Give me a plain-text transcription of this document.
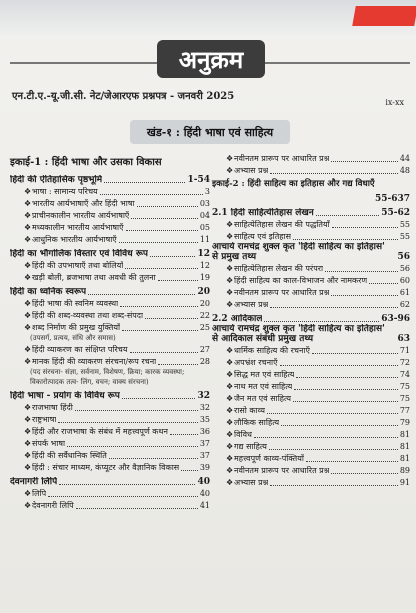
अनुक्रम
एन.टी.ए.-यू.जी.सी. नेट/जेआरएफ प्रश्नपत्र - जनवरी 2025
ix-xx
खंड-१ : हिंदी भाषा एवं साहित्य
इकाई-1 : हिंदी भाषा और उसका विकास
हिंदी की ऐतिहासिक पृष्ठभूमि	1-54
❖ भाषा : सामान्य परिचय	3
❖ भारतीय आर्यभाषाएँ और हिंदी भाषा	03
❖ प्राचीनकालीन भारतीय आर्यभाषाएँ	04
❖ मध्यकालीन भारतीय आर्यभाषाएँ	05
❖ आधुनिक भारतीय आर्यभाषाएँ	11
हिंदी का भौगोलिक विस्तार एवं विविध रूप	12
❖ हिंदी की उपभाषाएँ तथा बोलियाँ	12
❖ खड़ी बोली, ब्रजभाषा तथा अवधी की तुलना	19
हिंदी का ध्वनिक स्वरूप	20
❖ हिंदी भाषा की स्वनिम व्यवस्था	20
❖ हिंदी की शब्द-व्यवस्था तथा शब्द-संपदा	22
❖ शब्द निर्माण की प्रमुख युक्तियाँ	25
(उपसर्ग, प्रत्यय, संधि और समास)
❖ हिंदी व्याकरण का संक्षिप्त परिचय	27
❖ मानक हिंदी की व्याकरण संरचना/रूप रचना	28
(पद संरचना- संज्ञा, सर्वनाम, विशेषण, क्रिया; कारक व्यवस्था; विकारोत्पादक तत्व- लिंग, वचन; वाक्य संरचना)
हिंदी भाषा - प्रयोग के विविध रूप	32
❖ राजभाषा हिंदी	32
❖ राष्ट्रभाषा	35
❖ हिंदी और राजभाषा के संबंध में महत्त्वपूर्ण कथन	36
❖ संपर्क भाषा	37
❖ हिंदी की सर्वैधानिक स्थिति	37
❖ हिंदी : संचार माध्यम, कंप्यूटर और वैज्ञानिक विकास	39
देवनागरी लिपि	40
❖ लिपि	40
❖ देवनागरी लिपि	41
❖ नवीनतम प्रारूप पर आधारित प्रश्न	44
❖ अभ्यास प्रश्न	48
इकाई-2 : हिंदी साहित्य का इतिहास और गद्य विधाएँ
55-637
2.1 हिंदी साहित्येतिहास लेखन	55-62
❖ साहित्येतिहास लेखन की पद्धतियाँ	55
❖ साहित्य एवं इतिहास	55
आचार्य रामचंद्र शुक्ल कृत 'हिंदी साहित्य का इतिहास' से प्रमुख तथ्य	56
❖ साहित्येतिहास लेखन की परंपरा	56
❖ हिंदी साहित्य का काल-विभाजन और नामकरण	60
❖ नवीनतम प्रारूप पर आधारित प्रश्न	61
❖ अभ्यास प्रश्न	62
2.2 आदिकाल	63-96
आचार्य रामचंद्र शुक्ल कृत 'हिंदी साहित्य का इतिहास' से आदिकाल संबंधी प्रमुख तथ्य	63
❖ धार्मिक साहित्य की रचनाएँ	71
❖ अपभ्रंश रचनाएँ	72
❖ सिद्ध मत एवं साहित्य	74
❖ नाथ मत एवं साहित्य	75
❖ जैन मत एवं साहित्य	75
❖ रासो काव्य	77
❖ लौकिक साहित्य	79
❖ विविध	81
❖ गद्य साहित्य	81
❖ महत्त्वपूर्ण काव्य-पंक्तियाँ	81
❖ नवीनतम प्रारूप पर आधारित प्रश्न	89
❖ अभ्यास प्रश्न	91
